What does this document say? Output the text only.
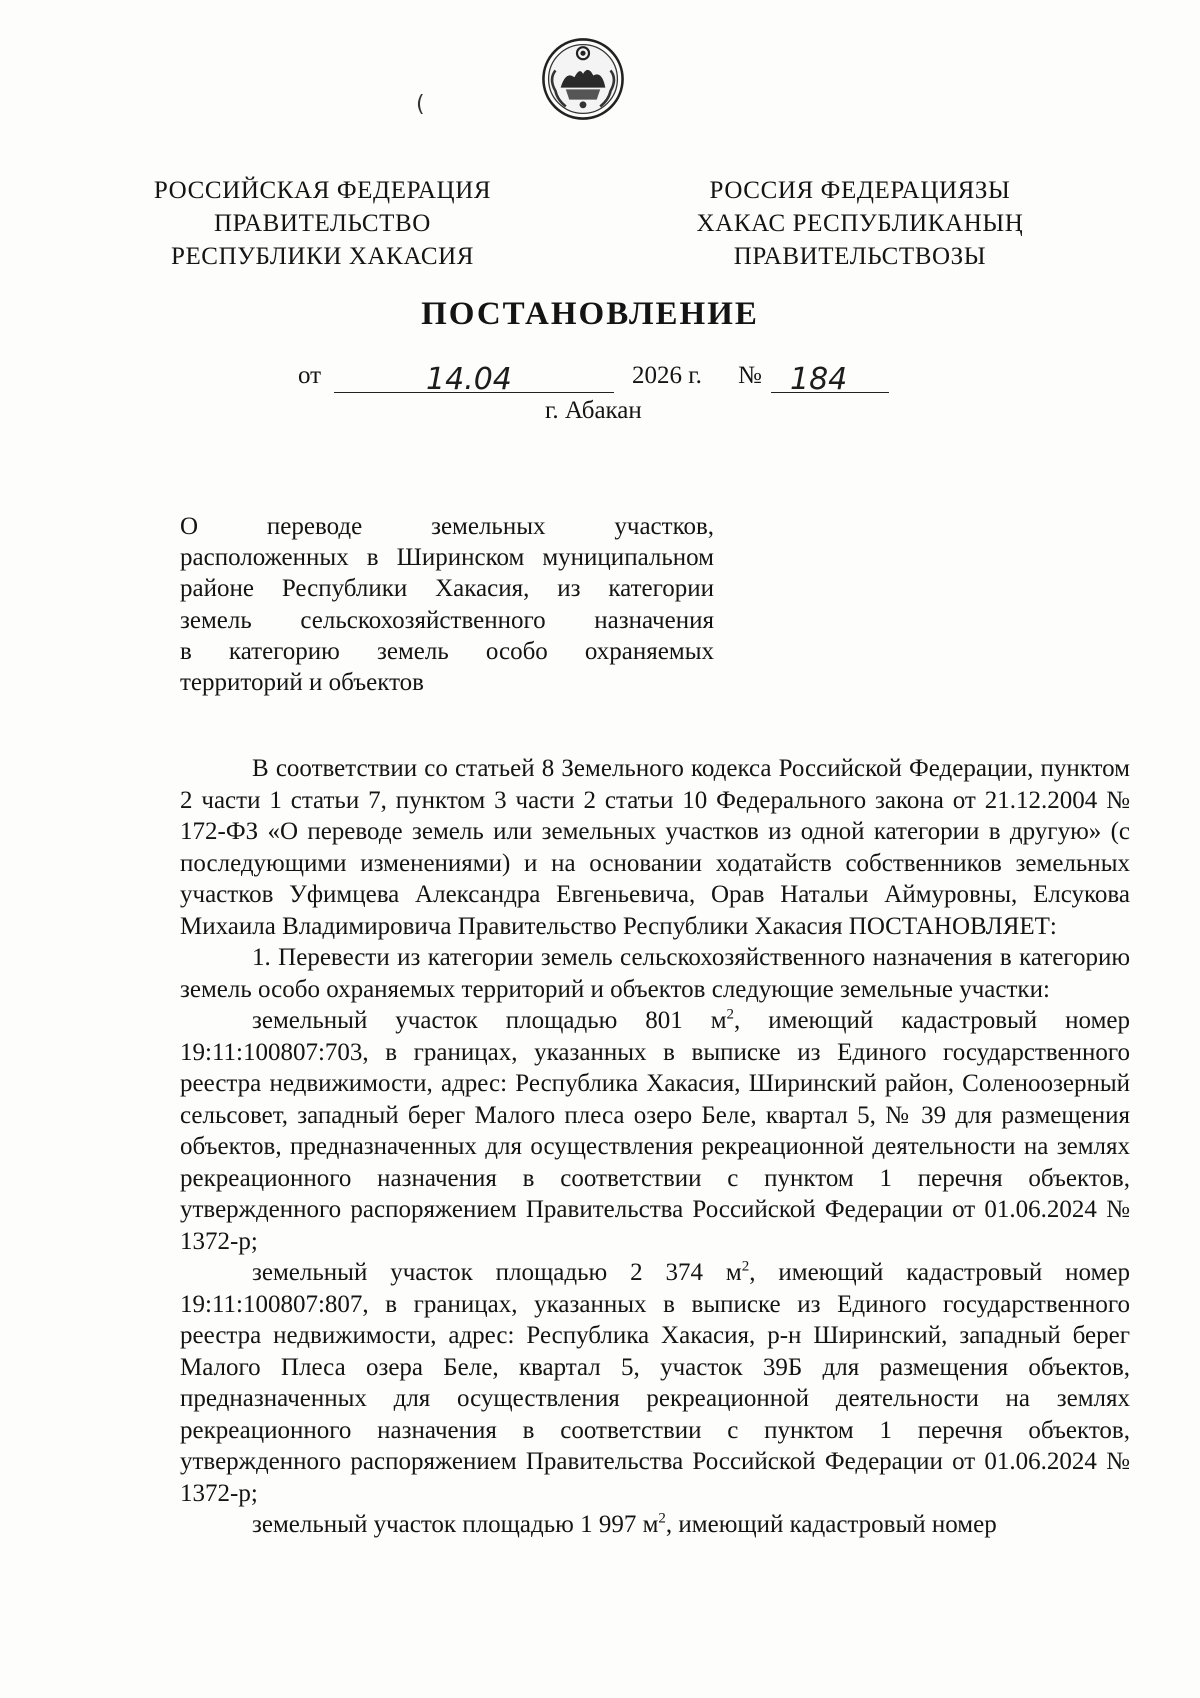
(
РОССИЙСКАЯ ФЕДЕРАЦИЯ
ПРАВИТЕЛЬСТВО
РЕСПУБЛИКИ ХАКАСИЯ
РОССИЯ ФЕДЕРАЦИЯЗЫ
ХАКАС РЕСПУБЛИКАНЫҢ
ПРАВИТЕЛЬСТВОЗЫ
ПОСТАНОВЛЕНИЕ
от	14.04	2026 г. № 184
г. Абакан
О переводе земельных участков,
расположенных в Ширинском муниципальном
районе Республики Хакасия, из категории
земель сельскохозяйственного назначения
в категорию земель особо охраняемых
территорий и объектов

В соответствии со статьей 8 Земельного кодекса Российской Федерации, пунктом 2 части 1 статьи 7, пунктом 3 части 2 статьи 10 Федерального закона от 21.12.2004 № 172-ФЗ «О переводе земель или земельных участков из одной категории в другую» (с последующими изменениями) и на основании ходатайств собственников земельных участков Уфимцева Александра Евгеньевича, Орав Натальи Аймуровны, Елсукова Михаила Владимировича Правительство Республики Хакасия ПОСТАНОВЛЯЕТ:

1. Перевести из категории земель сельскохозяйственного назначения в категорию земель особо охраняемых территорий и объектов следующие земельные участки:

земельный участок площадью 801 $м^2$, имеющий кадастровый номер 19:11:100807:703, в границах, указанных в выписке из Единого государственного реестра недвижимости, адрес: Республика Хакасия, Ширинский район, Соленоозерный сельсовет, западный берег Малого плеса озеро Беле, квартал 5, № 39 для размещения объектов, предназначенных для осуществления рекреационной деятельности на землях рекреационного назначения в соответствии с пунктом 1 перечня объектов, утвержденного распоряжением Правительства Российской Федерации от 01.06.2024 № 1372-р;

земельный участок площадью 2 374 $м^2$, имеющий кадастровый номер 19:11:100807:807, в границах, указанных в выписке из Единого государственного реестра недвижимости, адрес: Республика Хакасия, р-н Ширинский, западный берег Малого Плеса озера Беле, квартал 5, участок 39Б для размещения объектов, предназначенных для осуществления рекреационной деятельности на землях рекреационного назначения в соответствии с пунктом 1 перечня объектов, утвержденного распоряжением Правительства Российской Федерации от 01.06.2024 № 1372-р;

земельный участок площадью 1 997 $м^2$, имеющий кадастровый номер
